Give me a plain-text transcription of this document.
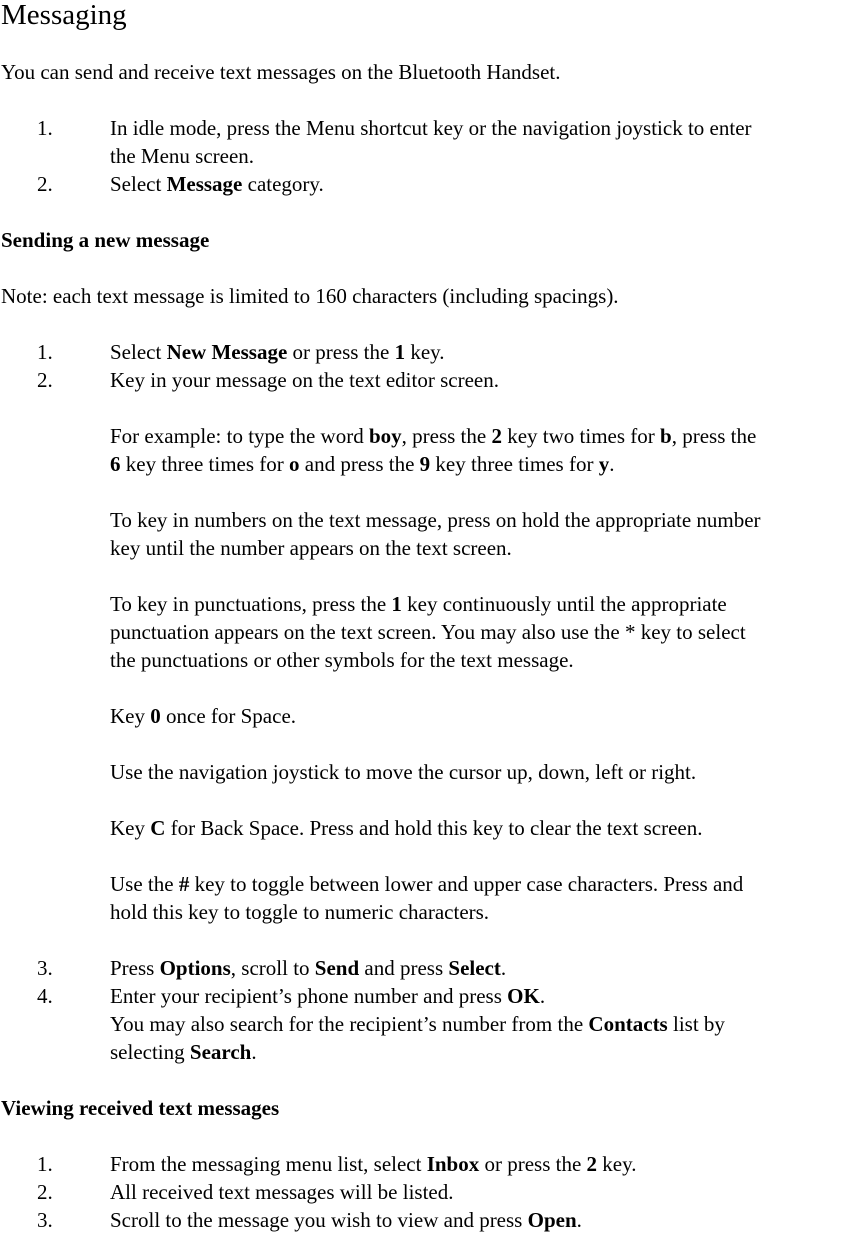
Messaging
You can send and receive text messages on the Bluetooth Handset.
1.	In idle mode, press the Menu shortcut key or the navigation joystick to enter
the Menu screen.
2.	Select Message category.
Sending a new message
Note: each text message is limited to 160 characters (including spacings).
1.	Select New Message or press the 1 key.
2.	Key in your message on the text editor screen.
For example: to type the word boy, press the 2 key two times for b, press the
6 key three times for o and press the 9 key three times for y.
To key in numbers on the text message, press on hold the appropriate number
key until the number appears on the text screen.
To key in punctuations, press the 1 key continuously until the appropriate
punctuation appears on the text screen. You may also use the * key to select
the punctuations or other symbols for the text message.
Key 0 once for Space.
Use the navigation joystick to move the cursor up, down, left or right.
Key C for Back Space. Press and hold this key to clear the text screen.
Use the # key to toggle between lower and upper case characters. Press and
hold this key to toggle to numeric characters.
3.	Press Options, scroll to Send and press Select.
4.	Enter your recipient’s phone number and press OK.
You may also search for the recipient’s number from the Contacts list by
selecting Search.
Viewing received text messages
1.	From the messaging menu list, select Inbox or press the 2 key.
2.	All received text messages will be listed.
3.	Scroll to the message you wish to view and press Open.
